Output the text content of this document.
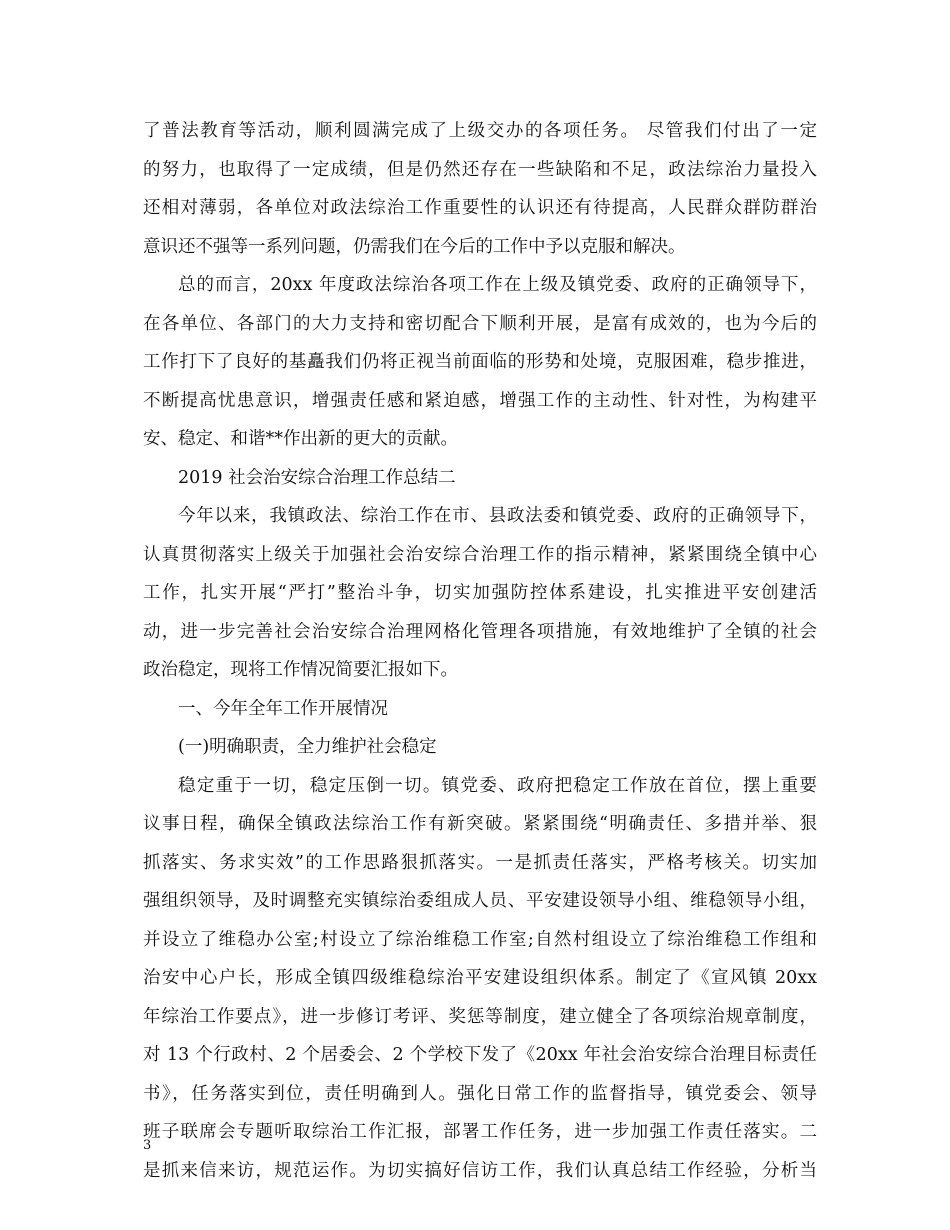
了普法教育等活动，顺利圆满完成了上级交办的各项任务。 尽管我们付出了一定
的努力，也取得了一定成绩，但是仍然还存在一些缺陷和不足，政法综治力量投入
还相对薄弱，各单位对政法综治工作重要性的认识还有待提高，人民群众群防群治
意识还不强等一系列问题，仍需我们在今后的工作中予以克服和解决。
总的而言，20xx 年度政法综治各项工作在上级及镇党委、政府的正确领导下，
在各单位、各部门的大力支持和密切配合下顺利开展，是富有成效的，也为今后的
工作打下了良好的基矗我们仍将正视当前面临的形势和处境，克服困难，稳步推进，
不断提高忧患意识，增强责任感和紧迫感，增强工作的主动性、针对性，为构建平
安、稳定、和谐**作出新的更大的贡献。
2019 社会治安综合治理工作总结二
今年以来，我镇政法、综治工作在市、县政法委和镇党委、政府的正确领导下，
认真贯彻落实上级关于加强社会治安综合治理工作的指示精神，紧紧围绕全镇中心
工作，扎实开展“严打”整治斗争，切实加强防控体系建设，扎实推进平安创建活
动，进一步完善社会治安综合治理网格化管理各项措施，有效地维护了全镇的社会
政治稳定，现将工作情况简要汇报如下。
一、今年全年工作开展情况
(一)明确职责，全力维护社会稳定
稳定重于一切，稳定压倒一切。镇党委、政府把稳定工作放在首位，摆上重要
议事日程，确保全镇政法综治工作有新突破。紧紧围绕“明确责任、多措并举、狠
抓落实、务求实效”的工作思路狠抓落实。一是抓责任落实，严格考核关。切实加
强组织领导，及时调整充实镇综治委组成人员、平安建设领导小组、维稳领导小组，
并设立了维稳办公室;村设立了综治维稳工作室;自然村组设立了综治维稳工作组和
治安中心户长，形成全镇四级维稳综治平安建设组织体系。制定了《宣风镇 20xx
年综治工作要点》，进一步修订考评、奖惩等制度，建立健全了各项综治规章制度，
对 13 个行政村、2 个居委会、2 个学校下发了《20xx 年社会治安综合治理目标责任
书》，任务落实到位，责任明确到人。强化日常工作的监督指导，镇党委会、领导
班子联席会专题听取综治工作汇报，部署工作任务，进一步加强工作责任落实。二
是抓来信来访，规范运作。为切实搞好信访工作，我们认真总结工作经验，分析当
3
